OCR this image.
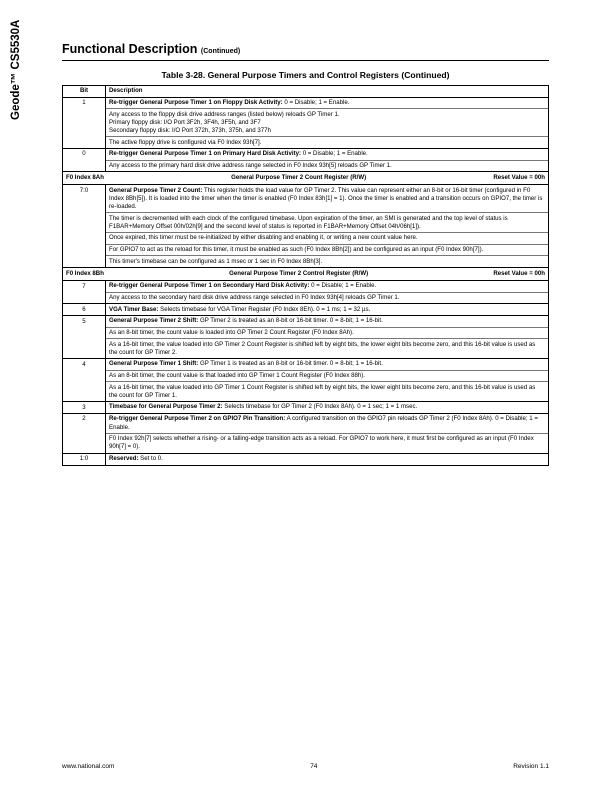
Geode™ CS5530A	Functional Description (Continued)
Table 3-28. General Purpose Timers and Control Registers (Continued)
Bit	Description
1	Re-trigger General Purpose Timer 1 on Floppy Disk Activity: 0 = Disable; 1 = Enable.
Any access to the floppy disk drive address ranges (listed below) reloads GP Timer 1.
Primary floppy disk: I/O Port 3F2h, 3F4h, 3F5h, and 3F7
Secondary floppy disk: I/O Port 372h, 373h, 375h, and 377h
The active floppy drive is configured via F0 Index 93h[7].

0	Re-trigger General Purpose Timer 1 on Primary Hard Disk Activity: 0 = Disable; 1 = Enable.
Any access to the primary hard disk drive address range selected in F0 Index 93h[5] reloads GP Timer 1.

F0 Index 8Ah General Purpose Timer 2 Count Register (R/W) Reset Value = 00h	

7:0	General Purpose Timer 2 Count: This register holds the load value for GP Timer 2. This value can represent either an 8-bit or 16-bit timer (configured in F0 Index 8Bh[5]). It is loaded into the timer when the timer is enabled (F0 Index 83h[1] = 1). Once the timer is enabled and a transition occurs on GPIO7, the timer is re-loaded.
The timer is decremented with each clock of the configured timebase. Upon expiration of the timer, an SMI is generated and the top level of status is F1BAR+Memory Offset 00h/02h[9] and the second level of status is reported in F1BAR+Memory Offset 04h/06h[1]).
Once expired, this timer must be re-initialized by either disabling and enabling it, or writing a new count value here.
For GPIO7 to act as the reload for this timer, it must be enabled as such (F0 Index 8Bh[2]) and be configured as an input (F0 Index 90h[7]).
This timer's timebase can be configured as 1 msec or 1 sec in F0 Index 8Bh[3].

F0 Index 8Bh General Purpose Timer 2 Control Register (R/W) Reset Value = 00h	

7	Re-trigger General Purpose Timer 1 on Secondary Hard Disk Activity: 0 = Disable; 1 = Enable.
Any access to the secondary hard disk drive address range selected in F0 Index 93h[4] reloads GP Timer 1.

6	VGA Timer Base: Selects timebase for VGA Timer Register (F0 Index 8Eh). 0 = 1 ms; 1 = 32 µs.

5	General Purpose Timer 2 Shift: GP Timer 2 is treated as an 8-bit or 16-bit timer. 0 = 8-bit; 1 = 16-bit.
As an 8-bit timer, the count value is loaded into GP Timer 2 Count Register (F0 Index 8Ah).
As a 16-bit timer, the value loaded into GP Timer 2 Count Register is shifted left by eight bits, the lower eight bits become zero, and this 16-bit value is used as the count for GP Timer 2.

4	General Purpose Timer 1 Shift: GP Timer 1 is treated as an 8-bit or 16-bit timer. 0 = 8-bit; 1 = 16-bit.
As an 8-bit timer, the count value is that loaded into GP Timer 1 Count Register (F0 Index 88h).
As a 16-bit timer, the value loaded into GP Timer 1 Count Register is shifted left by eight bits, the lower eight bits become zero, and this 16-bit value is used as the count for GP Timer 1.

3	Timebase for General Purpose Timer 2: Selects timebase for GP Timer 2 (F0 Index 8Ah). 0 = 1 sec; 1 = 1 msec.

2	Re-trigger General Purpose Timer 2 on GPIO7 Pin Transition: A configured transition on the GPIO7 pin reloads GP Timer 2 (F0 Index 8Ah). 0 = Disable; 1 = Enable.
F0 Index 92h[7] selects whether a rising- or a falling-edge transition acts as a reload. For GPIO7 to work here, it must first be configured as an input (F0 Index 90h[7] = 0).

1:0	Reserved: Set to 0.
www.national.com	74	Revision 1.1
